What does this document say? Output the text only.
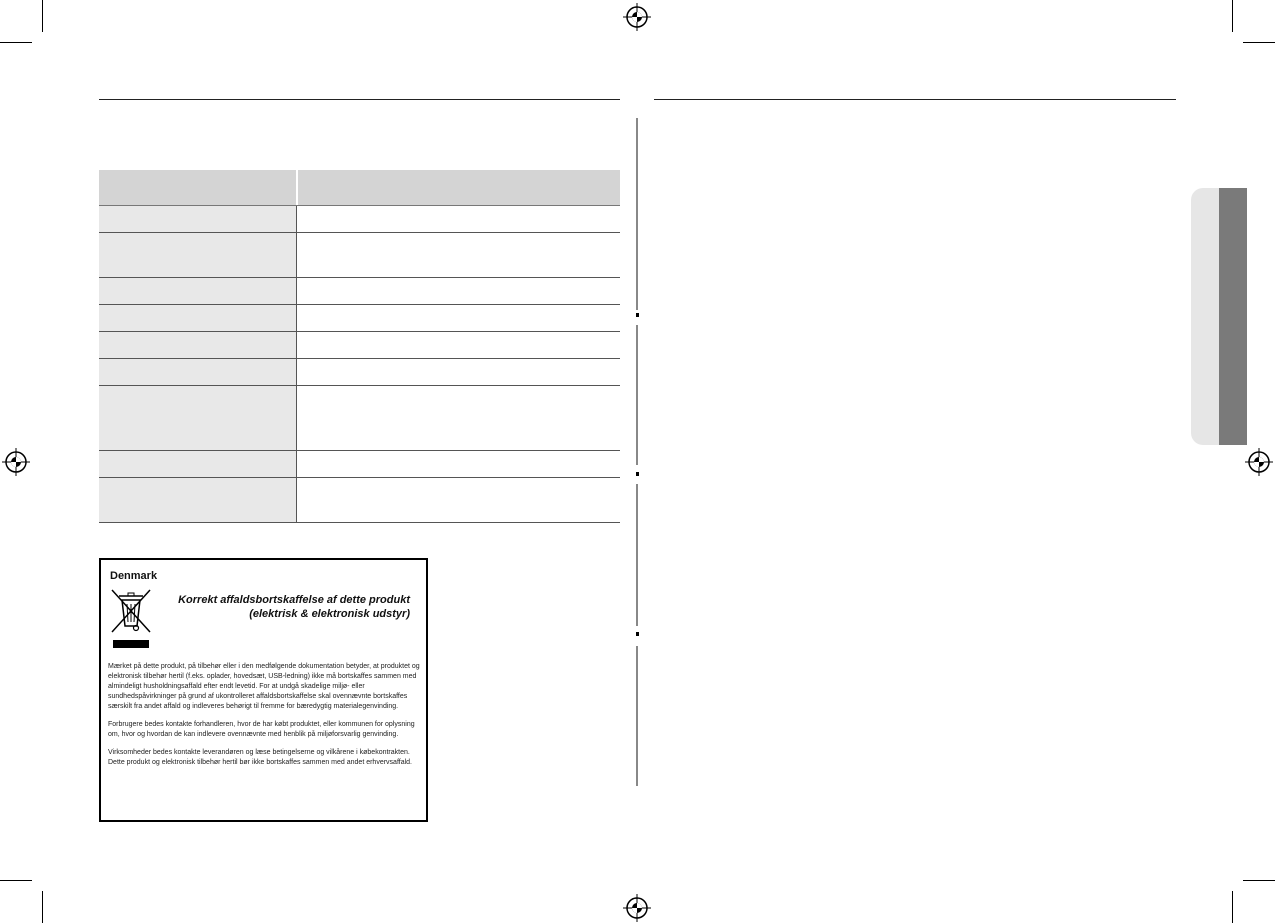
Denmark
Korrekt affaldsbortskaffelse af dette produkt
(elektrisk & elektronisk udstyr)

Mærket på dette produkt, på tilbehør eller i den medfølgende dokumentation betyder, at produktet og elektronisk tilbehør hertil (f.eks. oplader, hovedsæt, USB-ledning) ikke må bortskaffes sammen med almindeligt husholdningsaffald efter endt levetid. For at undgå skadelige miljø- eller sundhedspåvirkninger på grund af ukontrolleret affaldsbortskaffelse skal ovennævnte bortskaffes særskilt fra andet affald og indleveres behørigt til fremme for bæredygtig materialegenvinding.

Forbrugere bedes kontakte forhandleren, hvor de har købt produktet, eller kommunen for oplysning om, hvor og hvordan de kan indlevere ovennævnte med henblik på miljøforsvarlig genvinding.

Virksomheder bedes kontakte leverandøren og læse betingelserne og vilkårene i købekontrakten. Dette produkt og elektronisk tilbehør hertil bør ikke bortskaffes sammen med andet erhvervsaffald.
